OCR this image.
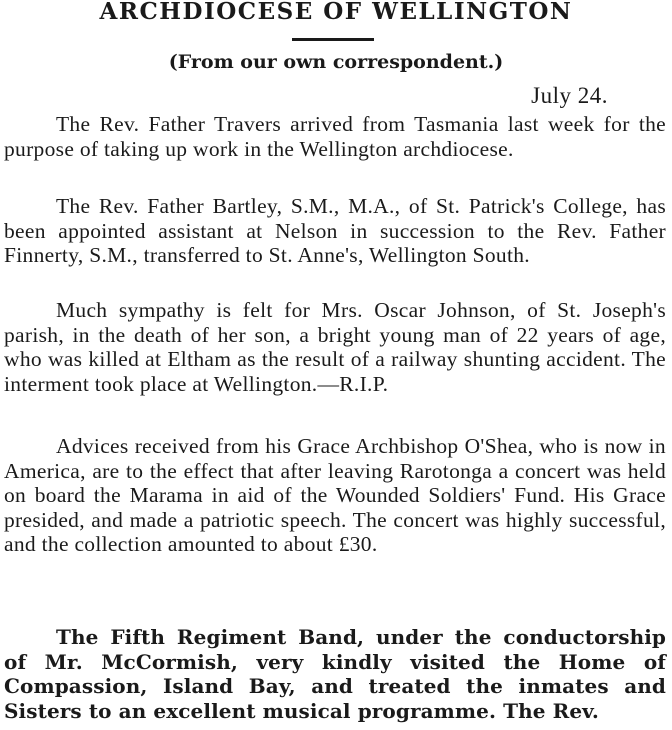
ARCHDIOCESE OF WELLINGTON
(From our own correspondent.)
July 24.

The Rev. Father Travers arrived from Tasmania last week for the purpose of taking up work in the Wellington archdiocese.

The Rev. Father Bartley, S.M., M.A., of St. Patrick's College, has been appointed assistant at Nelson in succession to the Rev. Father Finnerty, S.M., transferred to St. Anne's, Wellington South.

Much sympathy is felt for Mrs. Oscar Johnson, of St. Joseph's parish, in the death of her son, a bright young man of 22 years of age, who was killed at Eltham as the result of a railway shunting accident. The interment took place at Wellington.—R.I.P.

Advices received from his Grace Archbishop O'Shea, who is now in America, are to the effect that after leaving Rarotonga a concert was held on board the Marama in aid of the Wounded Soldiers' Fund. His Grace presided, and made a patriotic speech. The concert was highly successful, and the collection amounted to about £30.

The Fifth Regiment Band, under the conductorship of Mr. McCormish, very kindly visited the Home of Compassion, Island Bay, and treated the inmates and Sisters to an excellent musical programme. The Rev.
